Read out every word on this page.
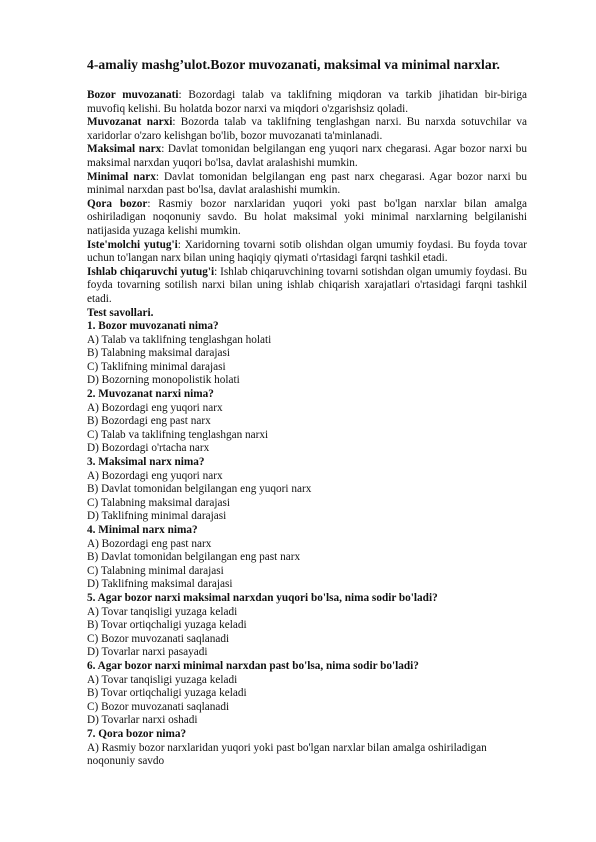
4-amaliy mashg’ulot.Bozor muvozanati, maksimal va minimal narxlar.
Bozor muvozanati: Bozordagi talab va taklifning miqdoran va tarkib jihatidan bir-biriga muvofiq kelishi. Bu holatda bozor narxi va miqdori o'zgarishsiz qoladi.
Muvozanat narxi: Bozorda talab va taklifning tenglashgan narxi. Bu narxda sotuvchilar va xaridorlar o'zaro kelishgan bo'lib, bozor muvozanati ta'minlanadi.
Maksimal narx: Davlat tomonidan belgilangan eng yuqori narx chegarasi. Agar bozor narxi bu maksimal narxdan yuqori bo'lsa, davlat aralashishi mumkin.
Minimal narx: Davlat tomonidan belgilangan eng past narx chegarasi. Agar bozor narxi bu minimal narxdan past bo'lsa, davlat aralashishi mumkin.
Qora bozor: Rasmiy bozor narxlaridan yuqori yoki past bo'lgan narxlar bilan amalga oshiriladigan noqonuniy savdo. Bu holat maksimal yoki minimal narxlarning belgilanishi natijasida yuzaga kelishi mumkin.
Iste'molchi yutug'i: Xaridorning tovarni sotib olishdan olgan umumiy foydasi. Bu foyda tovar uchun to'langan narx bilan uning haqiqiy qiymati o'rtasidagi farqni tashkil etadi.
Ishlab chiqaruvchi yutug'i: Ishlab chiqaruvchining tovarni sotishdan olgan umumiy foydasi. Bu foyda tovarning sotilish narxi bilan uning ishlab chiqarish xarajatlari o'rtasidagi farqni tashkil etadi.
Test savollari.
1. Bozor muvozanati nima?
A) Talab va taklifning tenglashgan holati
B) Talabning maksimal darajasi
C) Taklifning minimal darajasi
D) Bozorning monopolistik holati
2. Muvozanat narxi nima?
A) Bozordagi eng yuqori narx
B) Bozordagi eng past narx
C) Talab va taklifning tenglashgan narxi
D) Bozordagi o'rtacha narx
3. Maksimal narx nima?
A) Bozordagi eng yuqori narx
B) Davlat tomonidan belgilangan eng yuqori narx
C) Talabning maksimal darajasi
D) Taklifning minimal darajasi
4. Minimal narx nima?
A) Bozordagi eng past narx
B) Davlat tomonidan belgilangan eng past narx
C) Talabning minimal darajasi
D) Taklifning maksimal darajasi
5. Agar bozor narxi maksimal narxdan yuqori bo'lsa, nima sodir bo'ladi?
A) Tovar tanqisligi yuzaga keladi
B) Tovar ortiqchaligi yuzaga keladi
C) Bozor muvozanati saqlanadi
D) Tovarlar narxi pasayadi
6. Agar bozor narxi minimal narxdan past bo'lsa, nima sodir bo'ladi?
A) Tovar tanqisligi yuzaga keladi
B) Tovar ortiqchaligi yuzaga keladi
C) Bozor muvozanati saqlanadi
D) Tovarlar narxi oshadi
7. Qora bozor nima?
A) Rasmiy bozor narxlaridan yuqori yoki past bo'lgan narxlar bilan amalga oshiriladigan noqonuniy savdo
